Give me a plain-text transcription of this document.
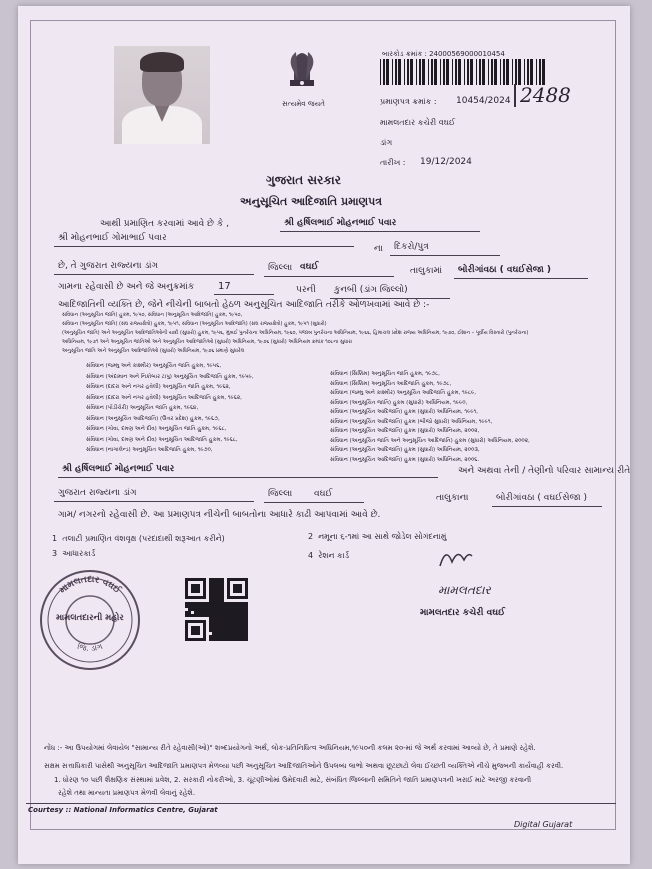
સત્યમેવ જયતે
બારકોડ ક્રમાંક : 24000569000010454
પ્રમાણપત્ર ક્રમાંક : 10454/2024 2488
મામલતદાર કચેરી વઘઈ
ડાંગ
તારીખ : 19/12/2024
ગુજરાત સરકાર
અનુસૂચિત આદિજાતિ પ્રમાણપત્ર
આથી પ્રમાણિત કરવામાં આવે છે કે ,	શ્રી હર્ષિલભાઈ મોહનભાઈ પવાર
શ્રી મોહનભાઈ ગોમાભાઈ પવાર
ના દિકરો/પુત્ર
છે, તે ગુજરાત રાજ્યના ડાંગ	જિલ્લા વઘઈ	તાલુકામાં બોરીગાંવઠા ( વઘઈસેજા )
ગામના રહેવાસી છે અને જે અનુક્રમાંક 17	પરની કુનબી (ડાંગ જિલ્લો)
આદિજાતિની વ્યક્તિ છે, જેને નીચેની બાબતો હેઠળ અનુસૂચિત આદિજાતિ તરીકે ઓળખવામાં આવે છે :-
સંવિધાન (અનુસૂચિત જાતિ) હુકમ, ૧૯૫૦, સંવિધાન (અનુસૂચિત આદિજાતિ) હુકમ, ૧૯૫૦,
સંવિધાન (અનુસૂચિત જાતિ) (સંઘ રાજ્યક્ષેત્રો) હુકમ, ૧૯૫૧, સંવિધાન (અનુસૂચિત આદિજાતિ) (સંઘ રાજ્યક્ષેત્રો) હુકમ, ૧૯૫૧ (સુધારો)
(અનુસૂચિત જાતિ) અને અનુસૂચિત આદિજાતિઓની યાદી (સુધારો) હુકમ, ૧૯૫૬, મુંબઈ પુનર્રચના અધિનિયમ, ૧૯૬૦, પંજાબ પુનર્રચના અધિનિયમ, ૧૯૬૬, હિમાચલ પ્રદેશ રાજ્ય અધિનિયમ, ૧૯૭૦, ઈશાન – પૂર્વીય વિસ્તારો (પુનર્રચના)
અધિનિયમ, ૧૯૭૧ અને અનુસૂચિત જાતિઓ અને અનુસૂચિત આદિજાતિઓ (સુધારો) અધિનિયમ, ૧૯૭૬ (સુધારો) અધિનિયમ ક્રમાંક ૧૦૮ના સુધારા
અનુસૂચિત જાતિ અને અનુસૂચિત આદિજાતિઓ (સુધારો) અધિનિયમ, ૧૯૭૬ પ્રમાણે સુધારેલ
સંવિધાન (જમ્મુ અને કાશ્મીર) અનુસૂચિત જાતિ હુકમ, ૧૯૫૬,
સંવિધાન (અંદામાન અને નિકોબાર ટાપુ) અનુસૂચિત આદિજાતિ હુકમ, ૧૯૫૯,
સંવિધાન (દાદરા અને નગર હવેલી) અનુસૂચિત જાતિ હુકમ, ૧૯૬૨,
સંવિધાન (દાદરા અને નગર હવેલી) અનુસૂચિત આદિજાતિ હુકમ, ૧૯૬૨,
સંવિધાન (પોંડીચેરી) અનુસૂચિત જાતિ હુકમ, ૧૯૬૪,
સંવિધાન (અનુસૂચિત આદિજાતિ) (ઉત્તર પ્રદેશ) હુકમ, ૧૯૬૭,
સંવિધાન (ગોવા, દમણ અને દીવ) અનુસૂચિત જાતિ હુકમ, ૧૯૬૮,
સંવિધાન (ગોવા, દમણ અને દીવ) અનુસૂચિત આદિજાતિ હુકમ, ૧૯૬૮,
સંવિધાન (નાગાલેન્ડ) અનુસૂચિત આદિજાતિ હુકમ, ૧૯૭૦,
સંવિધાન (સિક્કિમ) અનુસૂચિત જાતિ હુકમ, ૧૯૭૮,
સંવિધાન (સિક્કિમ) અનુસૂચિત આદિજાતિ હુકમ, ૧૯૭૮,
સંવિધાન (જમ્મુ અને કાશ્મીર) અનુસૂચિત આદિજાતિ હુકમ, ૧૯૮૯,
સંવિધાન (અનુસૂચિત જાતિ) હુકમ (સુધારો) અધિનિયમ, ૧૯૯૦,
સંવિધાન (અનુસૂચિત આદિજાતિ) હુકમ (સુધારો) અધિનિયમ, ૧૯૯૧,
સંવિધાન (અનુસૂચિત આદિજાતિ) હુકમ (બીજો સુધારો) અધિનિયમ, ૧૯૯૧,
સંવિધાન (અનુસૂચિત આદિજાતિ) હુકમ (સુધારો) અધિનિયમ, ૨૦૦૨,
સંવિધાન (અનુસૂચિત જાતિ અને અનુસૂચિત આદિજાતિ) હુકમ (સુધારો) અધિનિયમ, ૨૦૦૨,
સંવિધાન (અનુસૂચિત આદિજાતિ) હુકમ (સુધારો) અધિનિયમ, ૨૦૦૩,
સંવિધાન (અનુસૂચિત આદિજાતિ) હુકમ (સુધારો) અધિનિયમ, ૨૦૦૬.
શ્રી હર્ષિલભાઈ મોહનભાઈ પવાર	અને અથવા તેની / તેણીનો પરિવાર સામાન્ય રીતે
ગુજરાત રાજ્યના ડાંગ	જિલ્લા વઘઈ	તાલુકાના	બોરીગાંવઠા ( વઘઈસેજા )
ગામ/ નગરનો રહેવાસી છે. આ પ્રમાણપત્ર નીચેની બાબતોના આધારે કાઢી આપવામાં આવે છે.
1 તલાટી પ્રમાણિત વંશવૃક્ષ (પરદાદાથી શરૂઆત કરીને)	2 નમૂના ૬-૧માં આ સાથે જોડેલ સોગંદનામું
3 આધારકાર્ડ	4 રેશન કાર્ડ
મામલતદાર વઘઈ
મામલતદારની મહોર
જિ. ડાંગ
મામલતદાર
મામલતદાર કચેરી વઘઈ
નોંધ :- આ ઉપયોગમાં લેવાયેલ "સામાન્ય રીતે રહેવાસી(ઓ)" શબ્દપ્રયોગનો અર્થ, લોક-પ્રતિનિધિત્વ અધિનિયમ,૧૯૫૦ની કલમ ૨૦-માં જે અર્થ કરવામાં આવ્યો છે, તે પ્રમાણે રહેશે.
સક્ષમ સત્તાધિકારી પાસેથી અનુસૂચિત આદિજાતિ પ્રમાણપત્ર મેળવ્યા પછી અનુસૂચિત આદિજાતિઓને ઉપલબ્ધ લાભો અથવા છૂટછાટો લેવા ઈચ્છતી વ્યક્તિએ નીચે મુજબની કાર્યવાહી કરવી.
1. ધોરણ ૧૦ પછી શૈક્ષણિક સંસ્થામાં પ્રવેશ, 2. સરકારી નોકરીઓ, 3. ચૂંટણીઓમાં ઉમેદવારી માટે, સંબંધિત જિલ્લાની સમિતિને જાતિ પ્રમાણપત્રની ખરાઈ માટે અરજી કરવાની
રહેશે તથા માન્યતા પ્રમાણપત્ર મેળવી લેવાનું રહેશે.
Courtesy :: National Informatics Centre, Gujarat
Digital Gujarat
